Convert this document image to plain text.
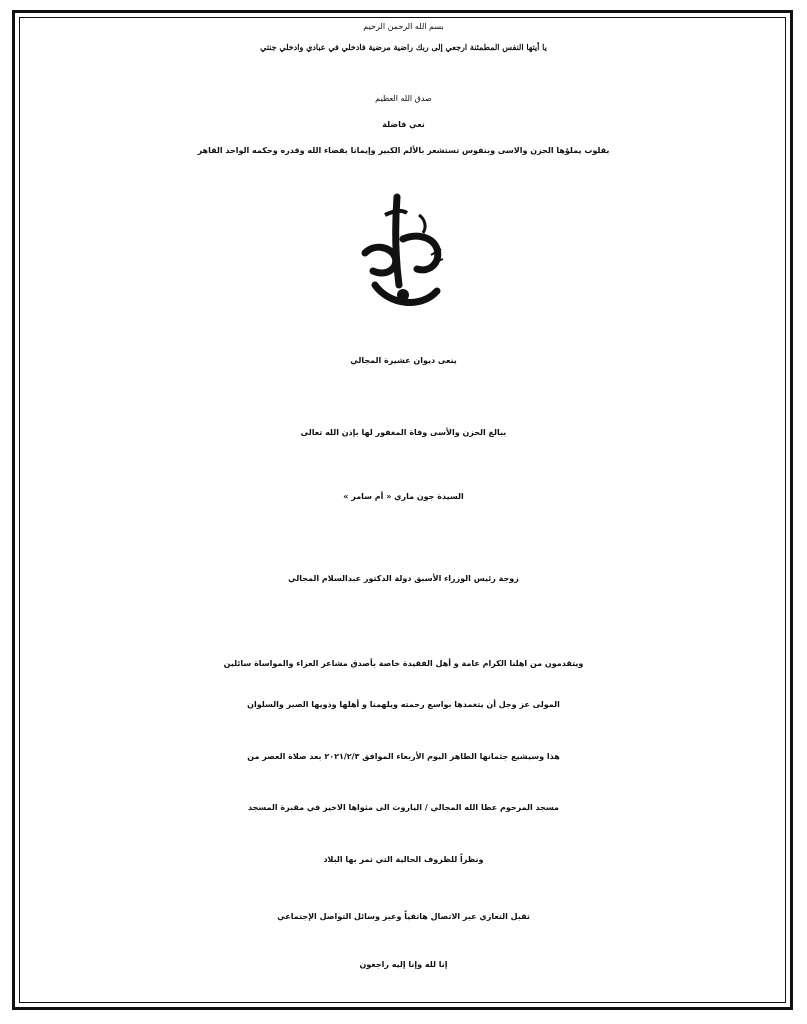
بسم الله الرحمن الرحيم
يا أيتها النفس المطمئنة ارجعي إلى ربك راضية مرضية فادخلي في عبادي وادخلي جنتي
صدق الله العظيم
نعي فاضلة
بقلوب يملؤها الحزن والاسى وبنفوس تستشعر بالألم الكبير وإيمانا بقضاء الله وقدره وحكمه الواحد القاهر
ينعى ديوان عشيرة المجالي
ببالغ الحزن والأسى وفاة المغفور لها بإذن الله تعالى
السيدة جون ماري « أم سامر »
زوجة رئيس الوزراء الأسبق دولة الدكتور عبدالسلام المجالي
ويتقدمون من اهلنا الكرام عامة و أهل الفقيدة خاصة بأصدق مشاعر العزاء والمواساة سائلين
المولى عز وجل أن يتغمدها بواسع رحمته ويلهمنا و أهلها وذويها الصبر والسلوان
هذا وسيشيع جثمانها الطاهر اليوم الأربعاء الموافق ٢٠٢١/٢/٣ بعد صلاة العصر من
مسجد المرحوم عطا الله المجالي / الياروت الى مثواها الاخير في مقبرة المسجد
ونظراً للظروف الحالية التي تمر بها البلاد
تقبل التعازي عبر الاتصال هاتفياً وعبر وسائل التواصل الإجتماعي
إنا لله وإنا إليه راجعون
